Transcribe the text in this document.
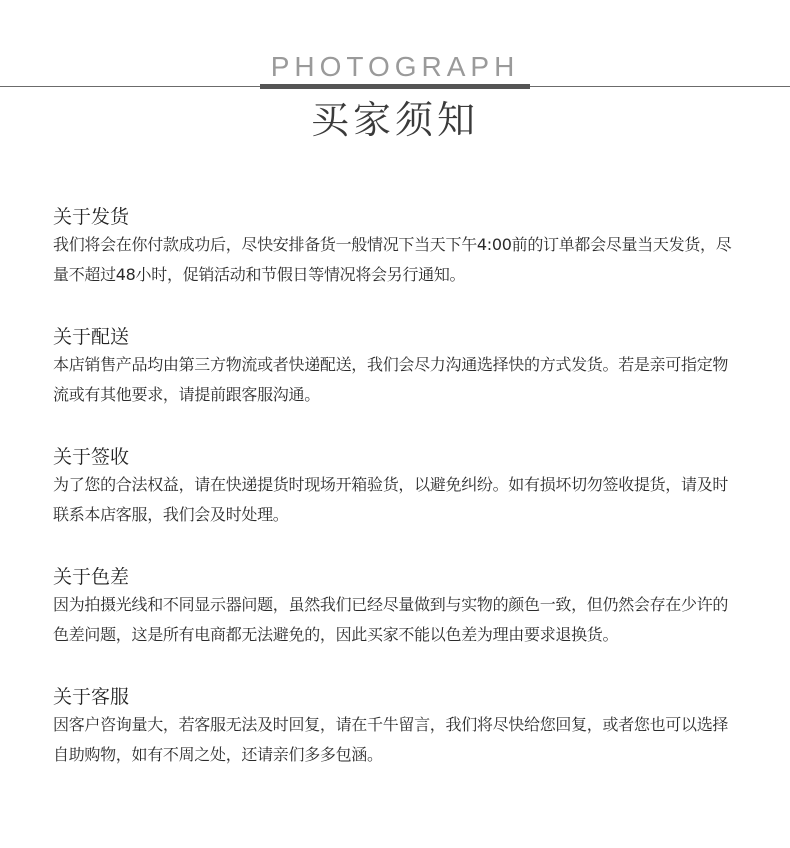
PHOTOGRAPH
买家须知
关于发货
我们将会在你付款成功后，尽快安排备货一般情况下当天下午4:00前的订单都会尽量当天发货，尽量不超过48小时，促销活动和节假日等情况将会另行通知。
关于配送
本店销售产品均由第三方物流或者快递配送，我们会尽力沟通选择快的方式发货。若是亲可指定物流或有其他要求，请提前跟客服沟通。
关于签收
为了您的合法权益，请在快递提货时现场开箱验货，以避免纠纷。如有损坏切勿签收提货，请及时联系本店客服，我们会及时处理。
关于色差
因为拍摄光线和不同显示器问题，虽然我们已经尽量做到与实物的颜色一致，但仍然会存在少许的色差问题，这是所有电商都无法避免的，因此买家不能以色差为理由要求退换货。
关于客服
因客户咨询量大，若客服无法及时回复，请在千牛留言，我们将尽快给您回复，或者您也可以选择自助购物，如有不周之处，还请亲们多多包涵。
